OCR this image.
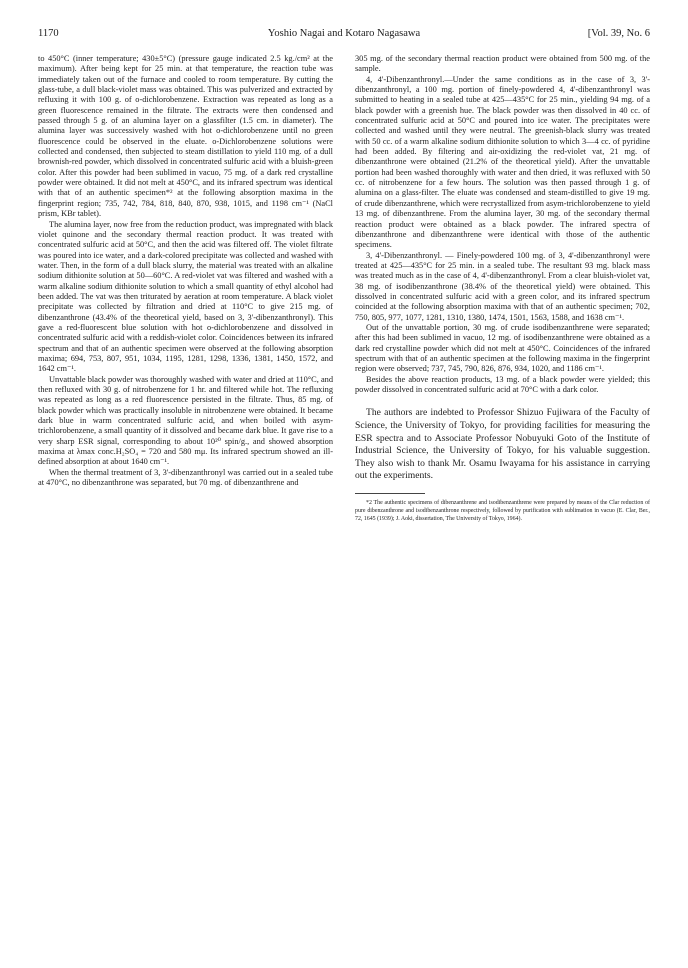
1170	Yoshio Nagai and Kotaro Nagasawa	[Vol. 39, No. 6

to 450°C (inner temperature; 430±5°C) (pressure gauge indicated 2.5 kg./cm² at the maximum). After being kept for 25 min. at that temperature, the reaction tube was immediately taken out of the furnace and cooled to room temperature. By cutting the glass-tube, a dull black-violet mass was obtained. This was pulverized and extracted by refluxing it with 100 g. of o-dichlorobenzene. Extraction was repeated as long as a green fluorescence remained in the filtrate. The extracts were then condensed and passed through 5 g. of an alumina layer on a glassfilter (1.5 cm. in diameter). The alumina layer was successively washed with hot o-dichlorobenzene until no green fluorescence could be observed in the eluate. o-Dichlorobenzene solutions were collected and condensed, then subjected to steam distillation to yield 110 mg. of a dull brownish-red powder, which dissolved in concentrated sulfuric acid with a bluish-green color. After this powder had been sublimed in vacuo, 75 mg. of a dark red crystalline powder were obtained. It did not melt at 450°C, and its infrared spectrum was identical with that of an authentic specimen*² at the following absorption maxima in the fingerprint region; 735, 742, 784, 818, 840, 870, 938, 1015, and 1198 cm⁻¹ (NaCl prism, KBr tablet).

The alumina layer, now free from the reduction product, was impregnated with black violet quinone and the secondary thermal reaction product. It was treated with concentrated sulfuric acid at 50°C, and then the acid was filtered off. The violet filtrate was poured into ice water, and a dark-colored precipitate was collected and washed with water. Then, in the form of a dull black slurry, the material was treated with an alkaline sodium dithionite solution at 50—60°C. A red-violet vat was filtered and washed with a warm alkaline sodium dithionite solution to which a small quantity of ethyl alcohol had been added. The vat was then triturated by aeration at room temperature. A black violet precipitate was collected by filtration and dried at 110°C to give 215 mg. of dibenzanthrone (43.4% of the theoretical yield, based on 3, 3'-dibenzanthronyl). This gave a red-fluorescent blue solution with hot o-dichlorobenzene and dissolved in concentrated sulfuric acid with a reddish-violet color. Coincidences between its infrared spectrum and that of an authentic specimen were observed at the following absorption maxima; 694, 753, 807, 951, 1034, 1195, 1281, 1298, 1336, 1381, 1450, 1572, and 1642 cm⁻¹.

Unvattable black powder was thoroughly washed with water and dried at 110°C, and then refluxed with 30 g. of nitrobenzene for 1 hr. and filtered while hot. The refluxing was repeated as long as a red fluorescence persisted in the filtrate. Thus, 85 mg. of black powder which was practically insoluble in nitrobenzene were obtained. It became dark blue in warm concentrated sulfuric acid, and when boiled with asym-trichlorobenzene, a small quantity of it dissolved and became dark blue. It gave rise to a very sharp ESR signal, corresponding to about 10²⁰ spin/g., and showed absorption maxima at λmax conc.H₂SO₄ = 720 and 580 mμ. Its infrared spectrum showed an ill-defined absorption at about 1640 cm⁻¹.

When the thermal treatment of 3, 3'-dibenzanthronyl was carried out in a sealed tube at 470°C, no dibenzanthrone was separated, but 70 mg. of dibenzanthrene and

305 mg. of the secondary thermal reaction product were obtained from 500 mg. of the sample.

4, 4'-Dibenzanthronyl.—Under the same conditions as in the case of 3, 3'-dibenzanthronyl, a 100 mg. portion of finely-powdered 4, 4'-dibenzanthronyl was submitted to heating in a sealed tube at 425—435°C for 25 min., yielding 94 mg. of a black powder with a greenish hue. The black powder was then dissolved in 40 cc. of concentrated sulfuric acid at 50°C and poured into ice water. The precipitates were collected and washed until they were neutral. The greenish-black slurry was treated with 50 cc. of a warm alkaline sodium dithionite solution to which 3—4 cc. of pyridine had been added. By filtering and air-oxidizing the red-violet vat, 21 mg. of dibenzanthrone were obtained (21.2% of the theoretical yield). After the unvattable portion had been washed thoroughly with water and then dried, it was refluxed with 50 cc. of nitrobenzene for a few hours. The solution was then passed through 1 g. of alumina on a glass-filter. The eluate was condensed and steam-distilled to give 19 mg. of crude dibenzanthrene, which were recrystallized from asym-trichlorobenzene to yield 13 mg. of dibenzanthrene. From the alumina layer, 30 mg. of the secondary thermal reaction product were obtained as a black powder. The infrared spectra of dibenzanthrone and dibenzanthrene were identical with those of the authentic specimens.

3, 4'-Dibenzanthronyl. — Finely-powdered 100 mg. of 3, 4'-dibenzanthronyl were treated at 425—435°C for 25 min. in a sealed tube. The resultant 93 mg. black mass was treated much as in the case of 4, 4'-dibenzanthronyl. From a clear bluish-violet vat, 38 mg. of isodibenzanthrone (38.4% of the theoretical yield) were obtained. This dissolved in concentrated sulfuric acid with a green color, and its infrared spectrum coincided at the following absorption maxima with that of an authentic specimen; 702, 750, 805, 977, 1077, 1281, 1310, 1380, 1474, 1501, 1563, 1588, and 1638 cm⁻¹.

Out of the unvattable portion, 30 mg. of crude isodibenzanthrene were separated; after this had been sublimed in vacuo, 12 mg. of isodibenzanthrene were obtained as a dark red crystalline powder which did not melt at 450°C. Coincidences of the infrared spectrum with that of an authentic specimen at the following maxima in the fingerprint region were observed; 737, 745, 790, 826, 876, 934, 1020, and 1186 cm⁻¹.

Besides the above reaction products, 13 mg. of a black powder were yielded; this powder dissolved in concentrated sulfuric acid at 70°C with a dark color.

The authors are indebted to Professor Shizuo Fujiwara of the Faculty of Science, the University of Tokyo, for providing facilities for measuring the ESR spectra and to Associate Professor Nobuyuki Goto of the Institute of Industrial Science, the University of Tokyo, for his valuable suggestion. They also wish to thank Mr. Osamu Iwayama for his assistance in carrying out the experiments.

*2 The authentic specimens of dibenzanthrene and isodibenzanthrene were prepared by means of the Clar reduction of pure dibenzanthrone and isodibenzanthrone respectively, followed by purification with sublimation in vacuo (E. Clar, Ber., 72, 1645 (1939); J. Aoki, dissertation, The University of Tokyo, 1964).
